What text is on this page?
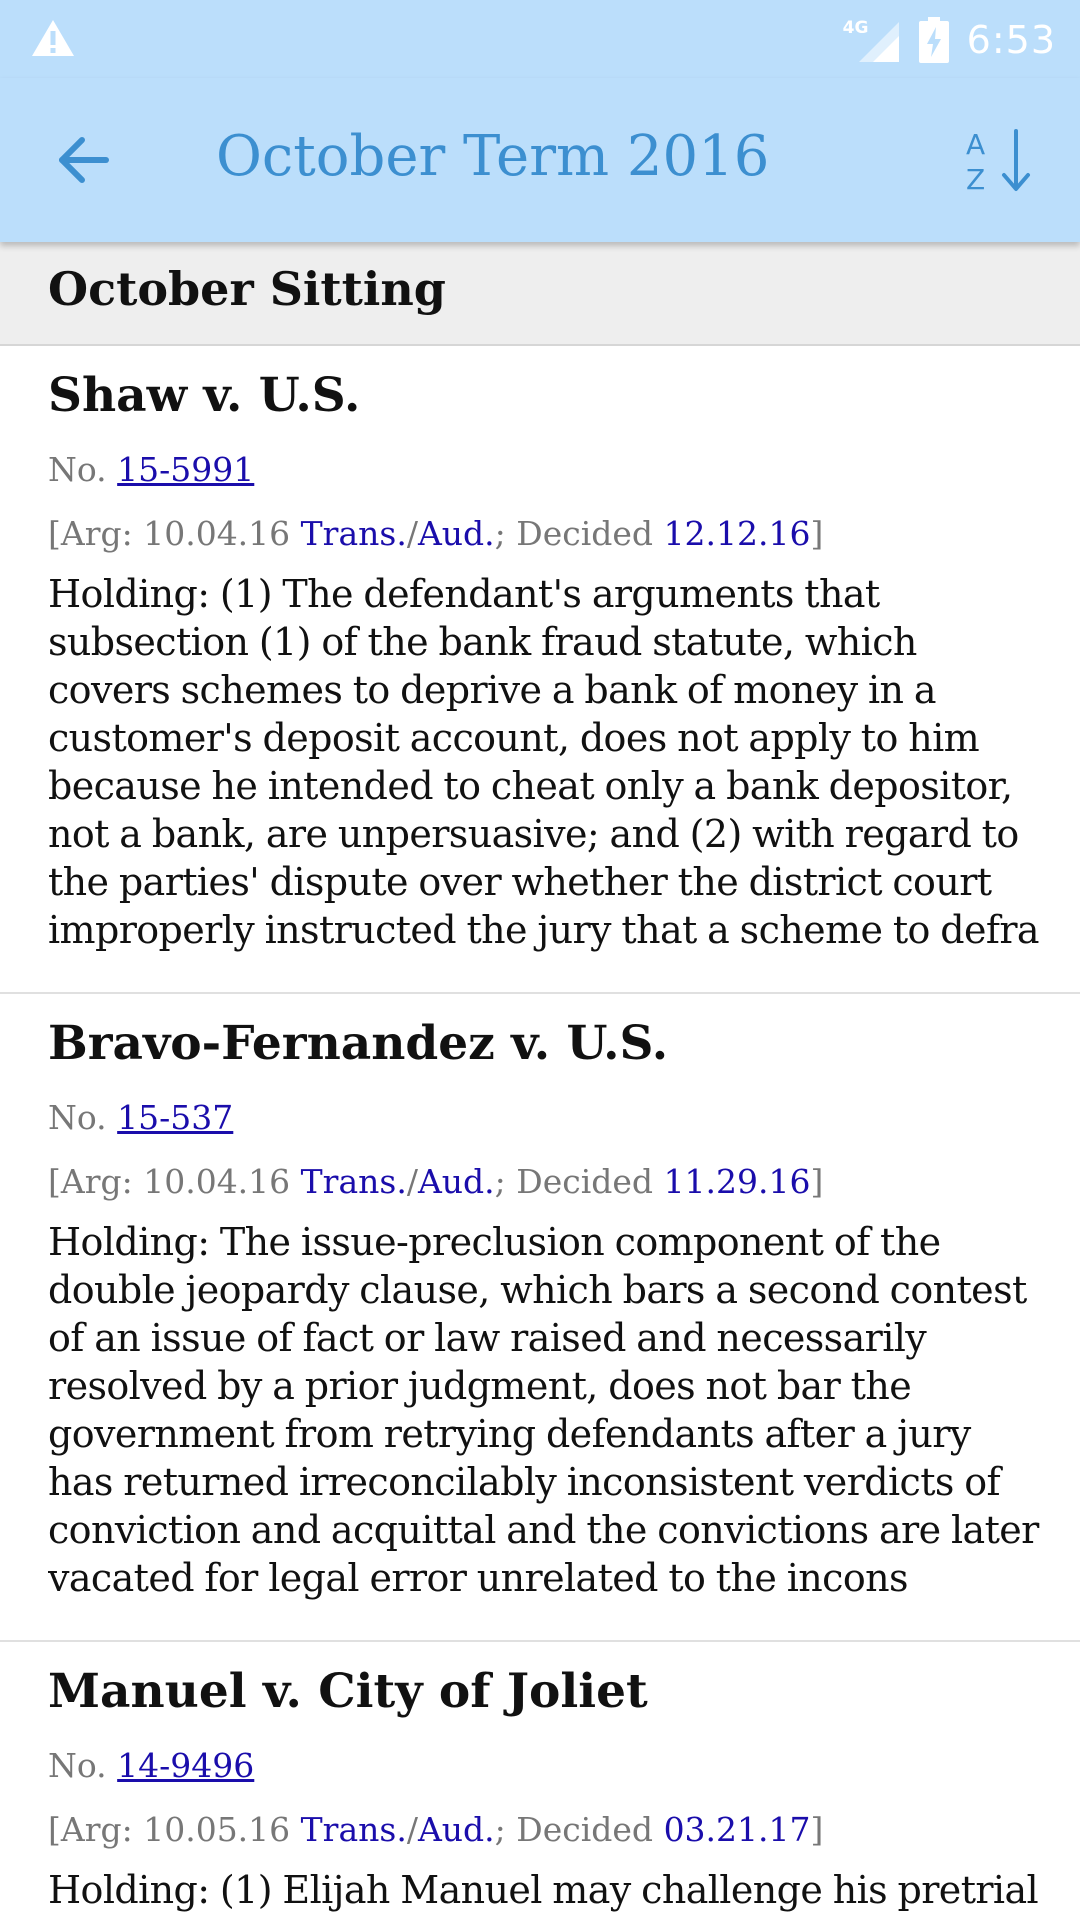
4G	6:53
October Term 2016	A
Z
October Sitting
Shaw v. U.S.
No. 15-5991
[Arg: 10.04.16 Trans./Aud.; Decided 12.12.16]
Holding: (1) The defendant's arguments that subsection (1) of the bank fraud statute, which covers schemes to deprive a bank of money in a customer's deposit account, does not apply to him because he intended to cheat only a bank depositor, not a bank, are unpersuasive; and (2) with regard to the parties' dispute over whether the district court improperly instructed the jury that a scheme to defra
Bravo-Fernandez v. U.S.
No. 15-537
[Arg: 10.04.16 Trans./Aud.; Decided 11.29.16]
Holding: The issue-preclusion component of the double jeopardy clause, which bars a second contest of an issue of fact or law raised and necessarily resolved by a prior judgment, does not bar the government from retrying defendants after a jury has returned irreconcilably inconsistent verdicts of conviction and acquittal and the convictions are later vacated for legal error unrelated to the incons
Manuel v. City of Joliet
No. 14-9496
[Arg: 10.05.16 Trans./Aud.; Decided 03.21.17]
Holding: (1) Elijah Manuel may challenge his pretrial
